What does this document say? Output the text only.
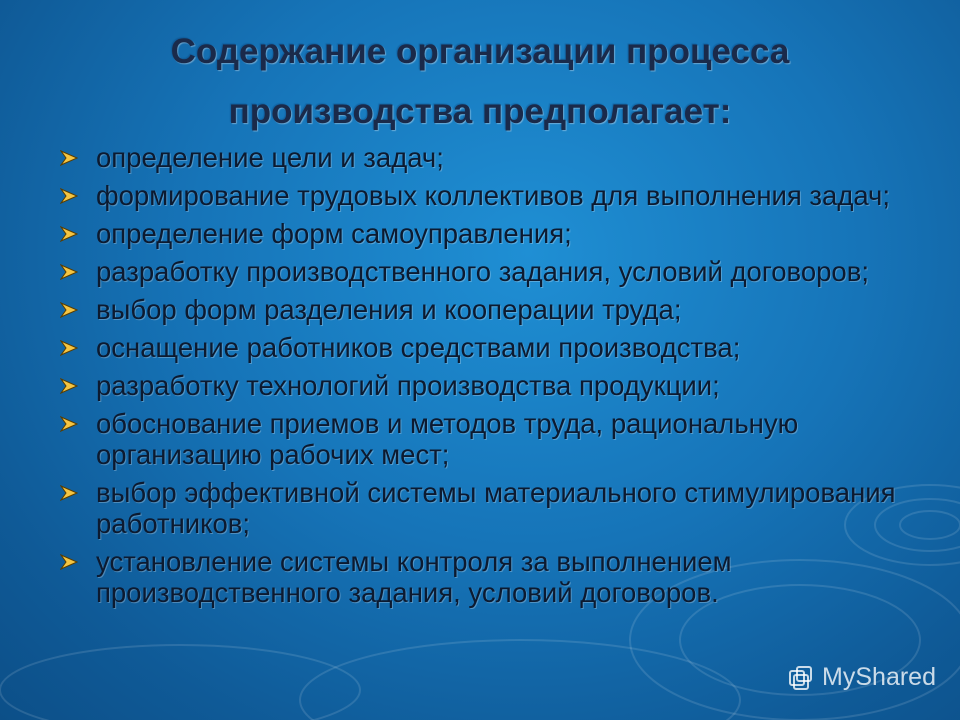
Содержание организации процесса
производства предполагает:
определение цели и задач;
формирование трудовых коллективов для выполнения задач;
определение форм самоуправления;
разработку производственного задания, условий договоров;
выбор форм разделения и кооперации труда;
оснащение работников средствами производства;
разработку технологий производства продукции;
обоснование приемов и методов труда, рациональную организацию рабочих мест;
выбор эффективной системы материального стимулирования работников;
установление системы контроля за выполнением производственного задания, условий договоров.
MyShared
